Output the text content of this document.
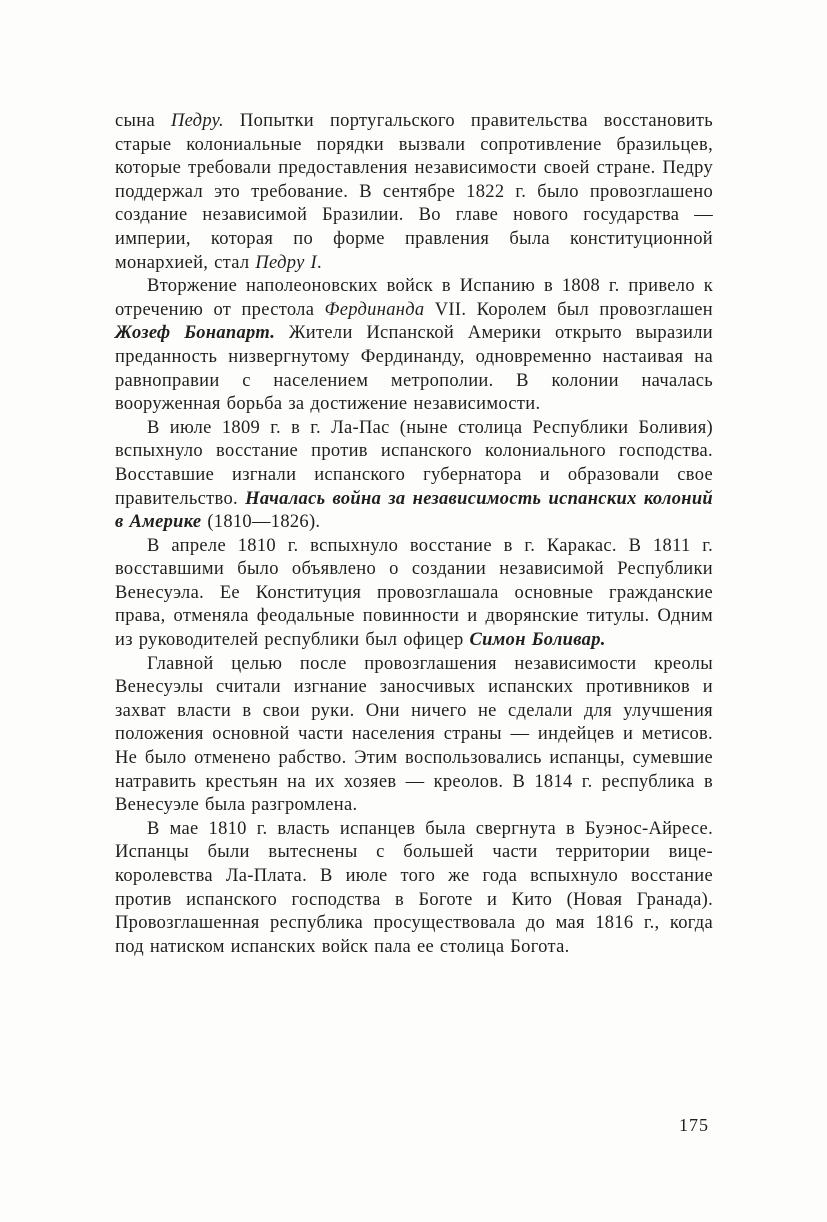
сына Педру. Попытки португальского правительства восстановить старые колониальные порядки вызвали сопротивление бразильцев, которые требовали предоставления независимости своей стране. Педру поддержал это требование. В сентябре 1822 г. было провозглашено создание независимой Бразилии. Во главе нового государства — империи, которая по форме правления была конституционной монархией, стал Педру I.

Вторжение наполеоновских войск в Испанию в 1808 г. привело к отречению от престола Фердинанда VII. Королем был провозглашен Жозеф Бонапарт. Жители Испанской Америки открыто выразили преданность низвергнутому Фердинанду, одновременно настаивая на равноправии с населением метрополии. В колонии началась вооруженная борьба за достижение независимости.

В июле 1809 г. в г. Ла-Пас (ныне столица Республики Боливия) вспыхнуло восстание против испанского колониального господства. Восставшие изгнали испанского губернатора и образовали свое правительство. Началась война за независимость испанских колоний в Америке (1810—1826).

В апреле 1810 г. вспыхнуло восстание в г. Каракас. В 1811 г. восставшими было объявлено о создании независимой Республики Венесуэла. Ее Конституция провозглашала основные гражданские права, отменяла феодальные повинности и дворянские титулы. Одним из руководителей республики был офицер Симон Боливар.

Главной целью после провозглашения независимости креолы Венесуэлы считали изгнание заносчивых испанских противников и захват власти в свои руки. Они ничего не сделали для улучшения положения основной части населения страны — индейцев и метисов. Не было отменено рабство. Этим воспользовались испанцы, сумевшие натравить крестьян на их хозяев — креолов. В 1814 г. республика в Венесуэле была разгромлена.

В мае 1810 г. власть испанцев была свергнута в Буэнос-Айресе. Испанцы были вытеснены с большей части территории вице-королевства Ла-Плата. В июле того же года вспыхнуло восстание против испанского господства в Боготе и Кито (Новая Гранада). Провозглашенная республика просуществовала до мая 1816 г., когда под натиском испанских войск пала ее столица Богота.

175
